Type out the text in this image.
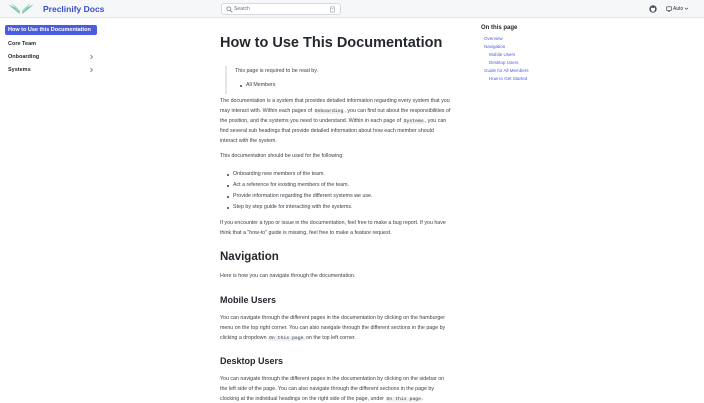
Preclinify Docs	Search	Auto
How to Use this Documentation
Core Team
Onboarding
Systems
How to Use This Documentation
This page is required to be read by.
All Members
The documentation is a system that provides detailed information regarding every system that you
may interact with. Within each pages of Onboarding, you can find out about the responsibilities of
the position, and the systems you need to understand. Within in each page of Systems, you can
find several sub headings that provide detailed information about how each member should
interact with the system.
This documentation should be used for the following:
Onboarding new members of the team.
Act a reference for existing members of the team.
Provide information regarding the different systems we use.
Step by step guide for interacting with the systems.
If you encounter a typo or issue in the documentation, feel free to make a bug report. If you have
think that a "how-to" guide is missing, feel free to make a feature request.
Navigation
Here is how you can navigate through the documentation.
Mobile Users
You can navigate through the different pages in the documentation by clicking on the hamburger
menu on the top right corner. You can also navigate through the different sections in the page by
clicking a dropdown On this page on the top left corner.
Desktop Users
You can navigate through the different pages in the documentation by clicking on the sidebar on
the left side of the page. You can also navigate through the different sections in the page by
clocking at the individual headings on the right side of the page, under On this page.
On this page
Overview
Navigation
Mobile Users
Desktop Users
Guide for All Members
How to Get Started
